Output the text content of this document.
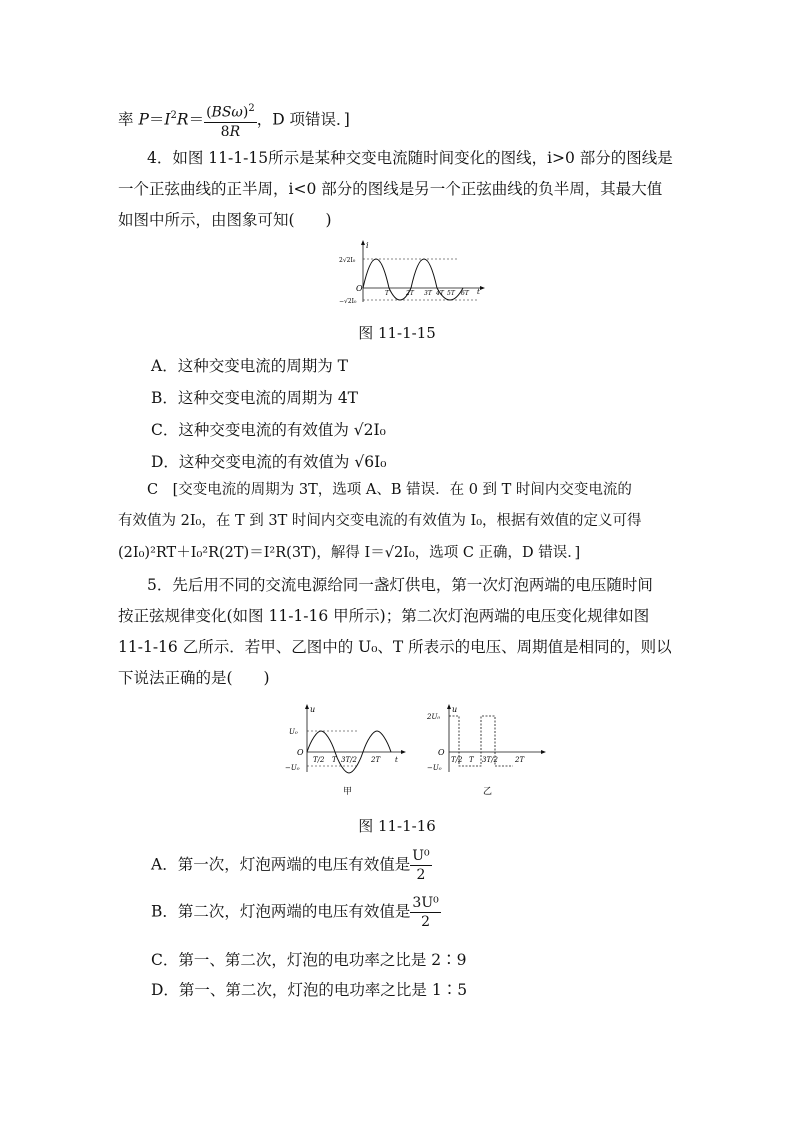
率 $P=I^2R= \frac{(BS\omega)^2}{8R}$ ，D 项错误．]
4．如图 11-1-15所示是某种交变电流随时间变化的图线，i>0 部分的图线是
一个正弦曲线的正半周，i<0 部分的图线是另一个正弦曲线的负半周，其最大值
如图中所示，由图象可知(　　)
i
2√2I₀
O
−√2I₀
t
T	2T 3T 4T 5T 6T
图 11-1-15
A．这种交变电流的周期为 T
B．这种交变电流的周期为 4T
C．这种交变电流的有效值为 √2I₀
D．这种交变电流的有效值为 √6I₀
C　[交变电流的周期为 3T，选项 A、B 错误．在 0 到 T 时间内交变电流的
有效值为 2I₀，在 T 到 3T 时间内交变电流的有效值为 I₀，根据有效值的定义可得
(2I₀)²RT＋I₀²R(2T)＝I²R(3T)，解得 I＝√2I₀，选项 C 正确，D 错误．]
5．先后用不同的交流电源给同一盏灯供电，第一次灯泡两端的电压随时间
按正弦规律变化(如图 11-1-16 甲所示)；第二次灯泡两端的电压变化规律如图
11-1-16 乙所示．若甲、乙图中的 U₀、T 所表示的电压、周期值是相同的，则以
下说法正确的是(　　)
u
U₀
O
−U₀
T/2 T 3T/2 2T t
甲
u
2U₀
O
−U₀
T/2 T 3T/2 2T
乙
图 11-1-16
A．第一次，灯泡两端的电压有效值是 $\frac{\text{U⁰}}{2}$
B．第二次，灯泡两端的电压有效值是 $\frac{\text{3U⁰}}{2}$
C．第一、第二次，灯泡的电功率之比是 2∶9
D．第一、第二次，灯泡的电功率之比是 1∶5
